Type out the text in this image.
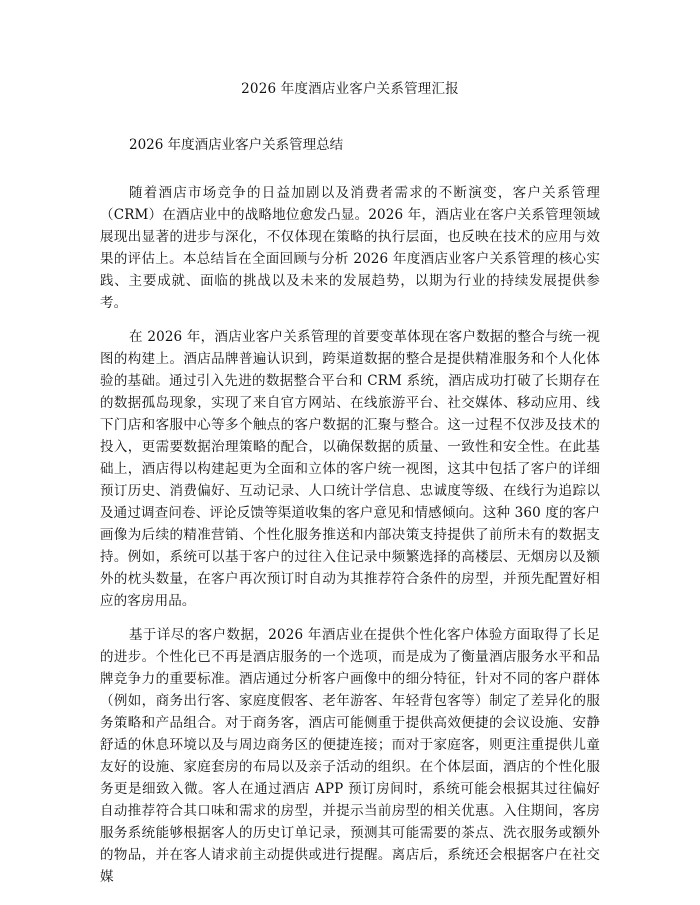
2026 年度酒店业客户关系管理汇报
2026 年度酒店业客户关系管理总结

随着酒店市场竞争的日益加剧以及消费者需求的不断演变，客户关系管理（CRM）在酒店业中的战略地位愈发凸显。2026 年，酒店业在客户关系管理领域展现出显著的进步与深化，不仅体现在策略的执行层面，也反映在技术的应用与效果的评估上。本总结旨在全面回顾与分析 2026 年度酒店业客户关系管理的核心实践、主要成就、面临的挑战以及未来的发展趋势，以期为行业的持续发展提供参考。

在 2026 年，酒店业客户关系管理的首要变革体现在客户数据的整合与统一视图的构建上。酒店品牌普遍认识到，跨渠道数据的整合是提供精准服务和个人化体验的基础。通过引入先进的数据整合平台和 CRM 系统，酒店成功打破了长期存在的数据孤岛现象，实现了来自官方网站、在线旅游平台、社交媒体、移动应用、线下门店和客服中心等多个触点的客户数据的汇聚与整合。这一过程不仅涉及技术的投入，更需要数据治理策略的配合，以确保数据的质量、一致性和安全性。在此基础上，酒店得以构建起更为全面和立体的客户统一视图，这其中包括了客户的详细预订历史、消费偏好、互动记录、人口统计学信息、忠诚度等级、在线行为追踪以及通过调查问卷、评论反馈等渠道收集的客户意见和情感倾向。这种 360 度的客户画像为后续的精准营销、个性化服务推送和内部决策支持提供了前所未有的数据支持。例如，系统可以基于客户的过往入住记录中频繁选择的高楼层、无烟房以及额外的枕头数量，在客户再次预订时自动为其推荐符合条件的房型，并预先配置好相应的客房用品。

基于详尽的客户数据，2026 年酒店业在提供个性化客户体验方面取得了长足的进步。个性化已不再是酒店服务的一个选项，而是成为了衡量酒店服务水平和品牌竞争力的重要标准。酒店通过分析客户画像中的细分特征，针对不同的客户群体（例如，商务出行客、家庭度假客、老年游客、年轻背包客等）制定了差异化的服务策略和产品组合。对于商务客，酒店可能侧重于提供高效便捷的会议设施、安静舒适的休息环境以及与周边商务区的便捷连接；而对于家庭客，则更注重提供儿童友好的设施、家庭套房的布局以及亲子活动的组织。在个体层面，酒店的个性化服务更是细致入微。客人在通过酒店 APP 预订房间时，系统可能会根据其过往偏好自动推荐符合其口味和需求的房型，并提示当前房型的相关优惠。入住期间，客房服务系统能够根据客人的历史订单记录，预测其可能需要的茶点、洗衣服务或额外的物品，并在客人请求前主动提供或进行提醒。离店后，系统还会根据客户在社交媒
